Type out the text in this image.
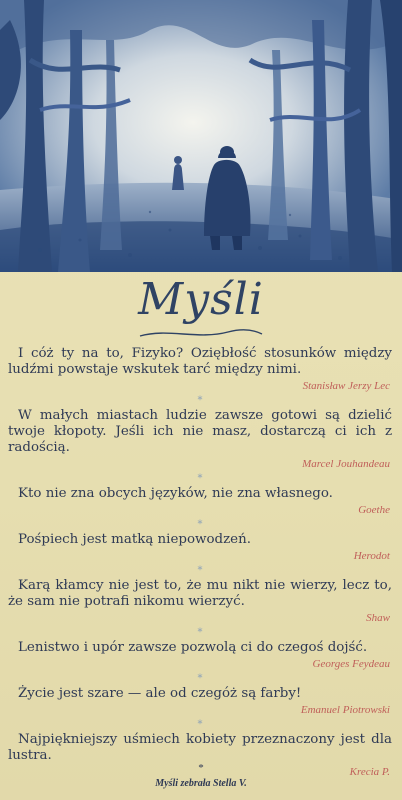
Myśli

I cóż ty na to, Fizyko? Oziębłość stosunków między ludźmi powstaje wskutek tarć między nimi.

Stanisław Jerzy Lec

*

W małych miastach ludzie zawsze gotowi są dzielić twoje kłopoty. Jeśli ich nie masz, dostarczą ci ich z radością.

Marcel Jouhandeau

*

Kto nie zna obcych języków, nie zna własnego.

Goethe

*

Pośpiech jest matką niepowodzeń.

Herodot

*

Karą kłamcy nie jest to, że mu nikt nie wierzy, lecz to, że sam nie potrafi nikomu wierzyć.

Shaw

*

Lenistwo i upór zawsze pozwolą ci do czegoś dojść.

Georges Feydeau

*

Życie jest szare — ale od czegóż są farby!

Emanuel Piotrowski

*

Najpiękniejszy uśmiech kobiety przeznaczony jest dla lustra.

Krecia P.

*
Myśli zebrała Stella V.
